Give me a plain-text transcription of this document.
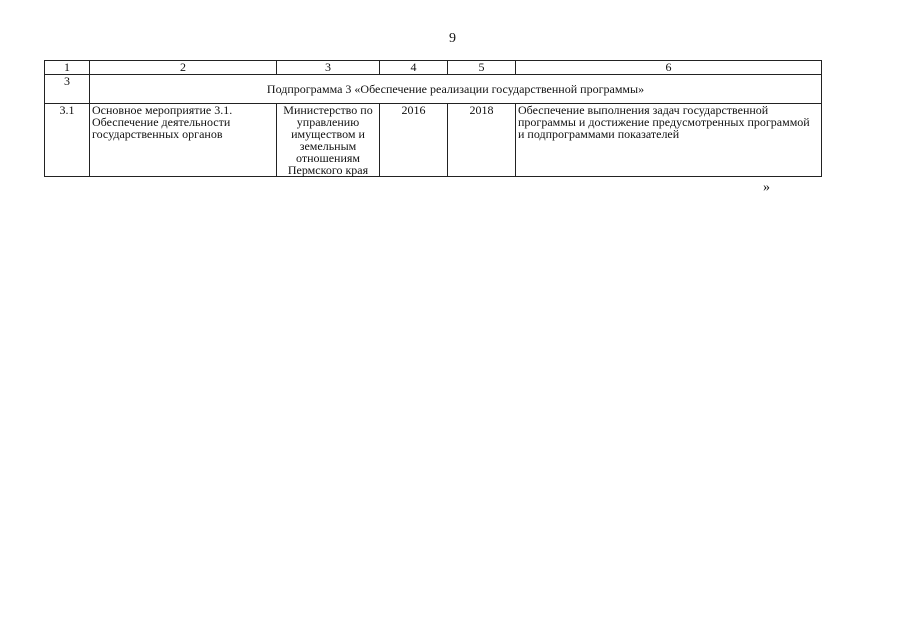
9
1	2	3	4	5	6
3	Подпрограмма 3 «Обеспечение реализации государственной программы»				
3.1	Основное мероприятие 3.1. Обеспечение деятельности государственных органов	Министерство по управлению имуществом и земельным отношениям Пермского края	2016	2018	Обеспечение выполнения задач государственной программы и достижение предусмотренных программой и подпрограммами показателей
»
